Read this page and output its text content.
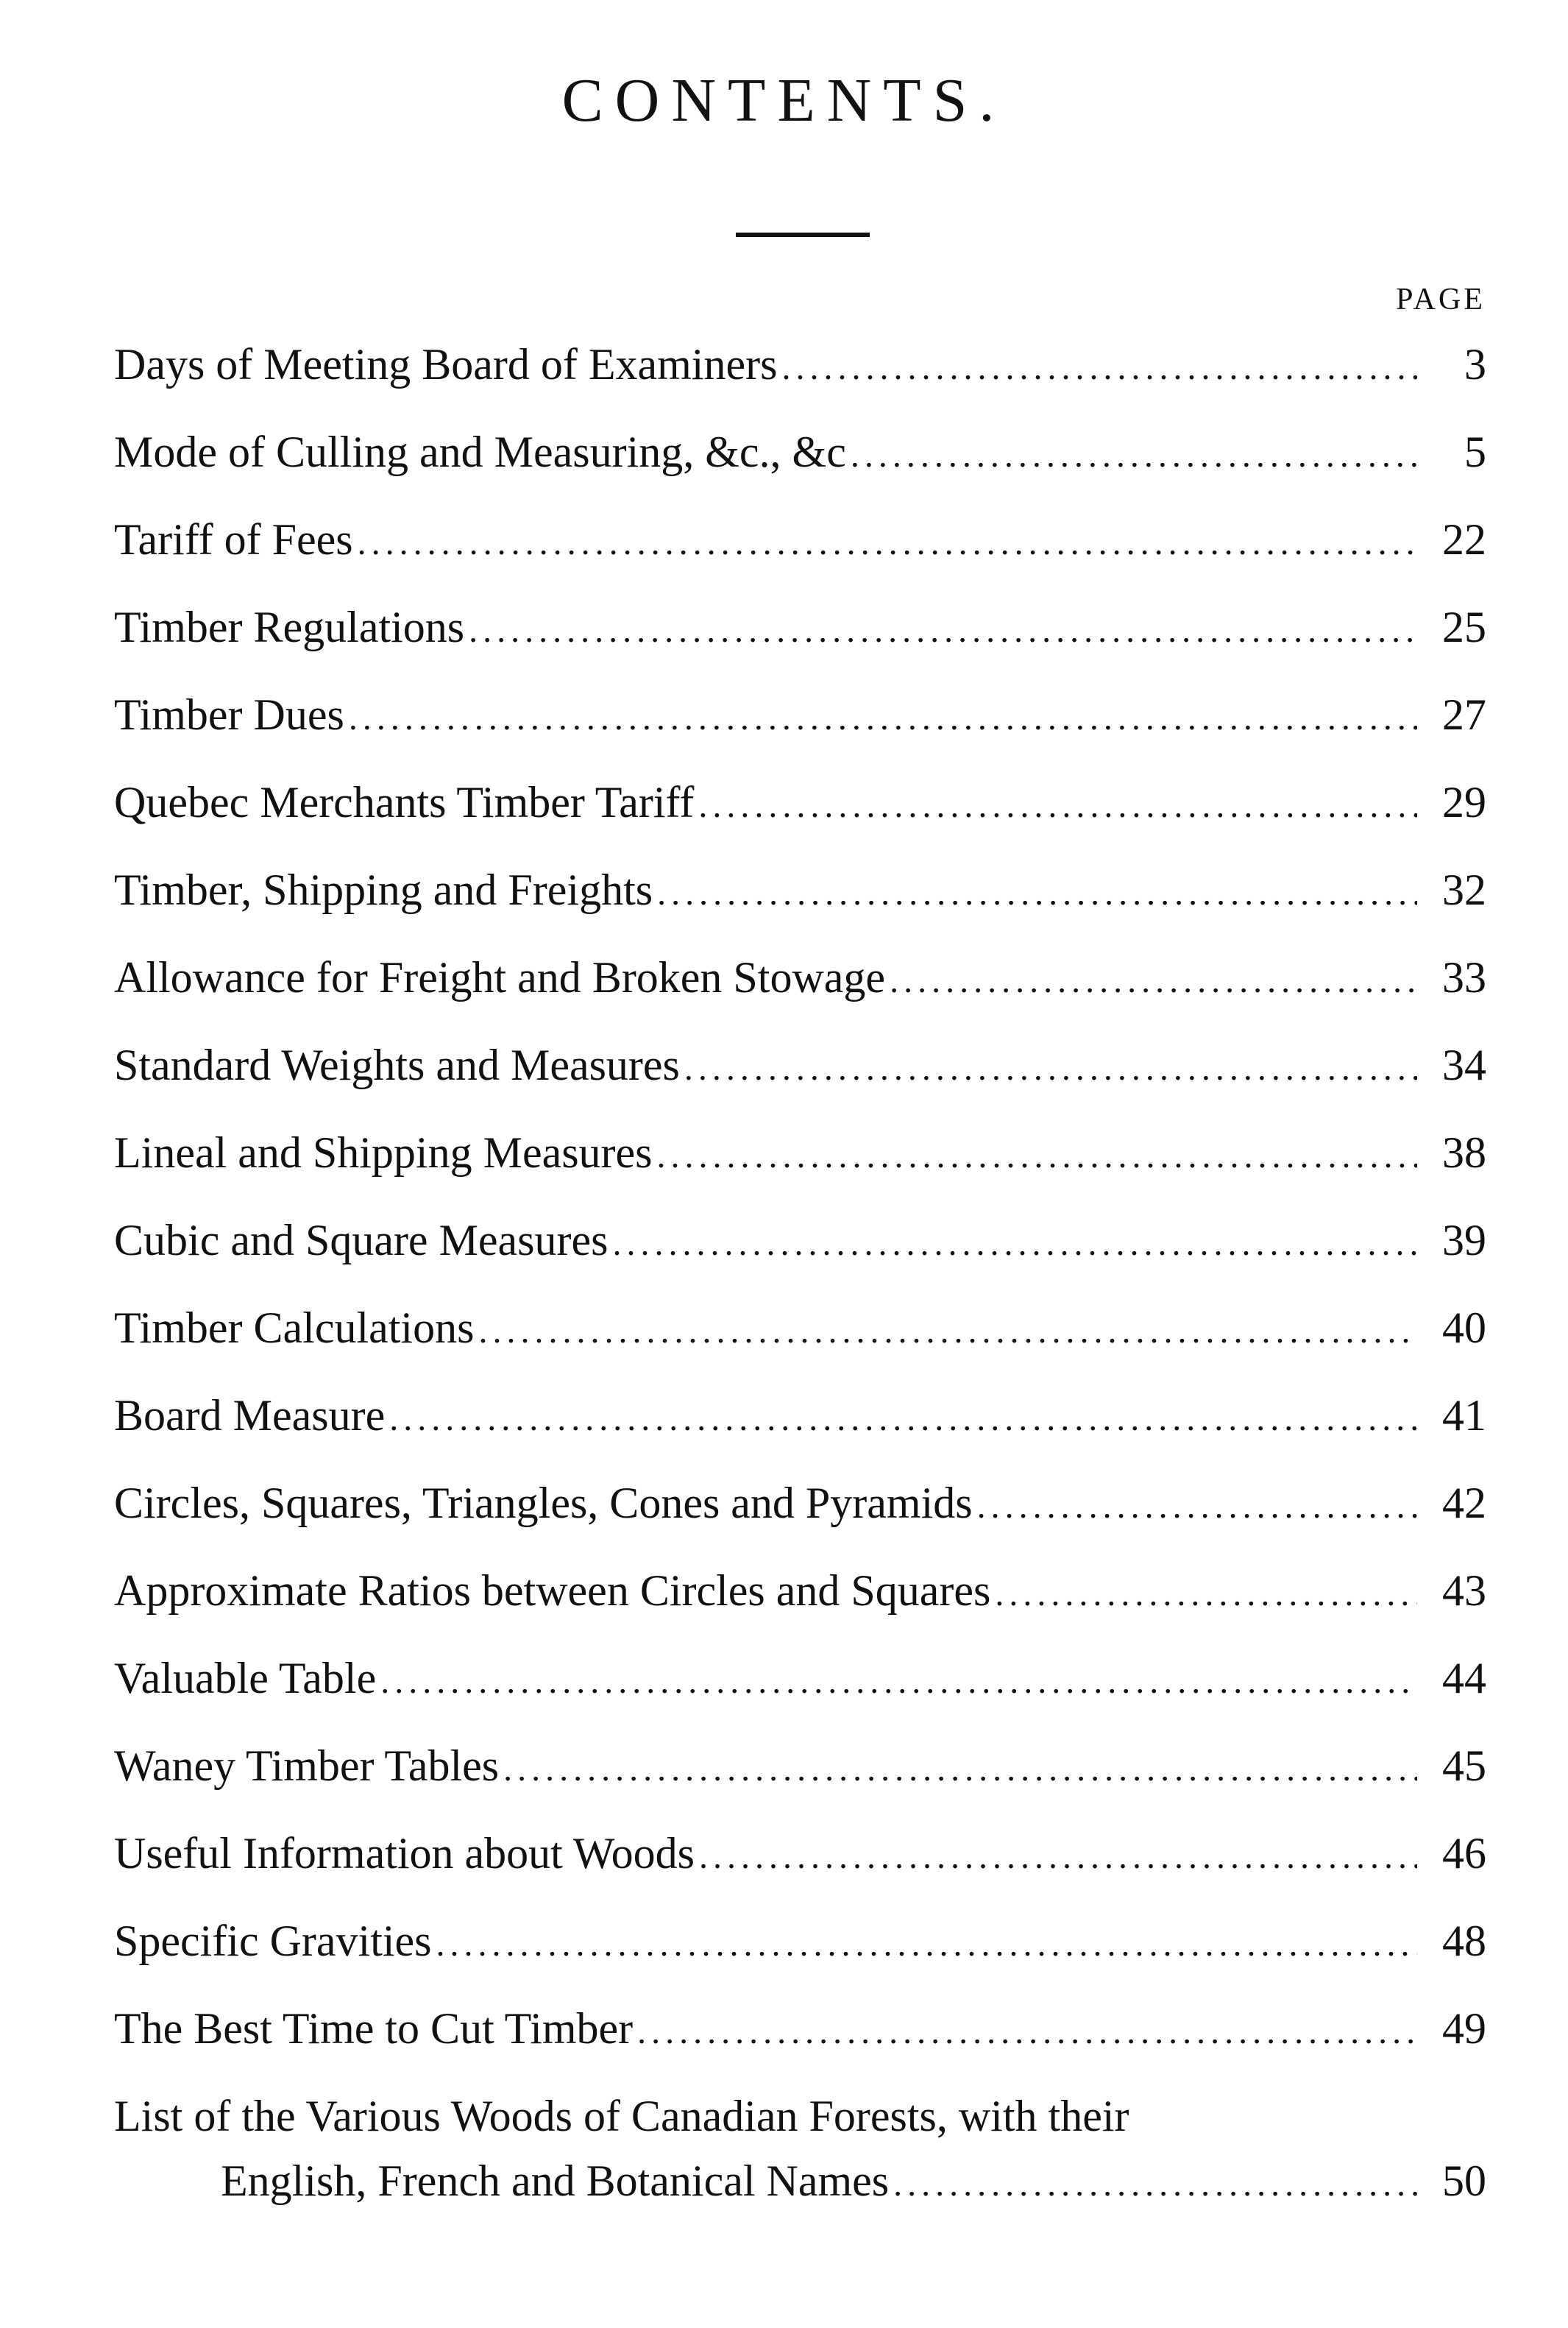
CONTENTS.
PAGE
Days of Meeting Board of Examiners .....	3
Mode of Culling and Measuring, &c., &c .....	5
Tariff of Fees .....	22
Timber Regulations .....	25
Timber Dues .....	27
Quebec Merchants Timber Tariff .....	29
Timber, Shipping and Freights .....	32
Allowance for Freight and Broken Stowage .....	33
Standard Weights and Measures .....	34
Lineal and Shipping Measures .....	38
Cubic and Square Measures .....	39
Timber Calculations .....	40
Board Measure .....	41
Circles, Squares, Triangles, Cones and Pyramids .....	42
Approximate Ratios between Circles and Squares .....	43
Valuable Table .....	44
Waney Timber Tables .....	45
Useful Information about Woods .....	46
Specific Gravities .....	48
The Best Time to Cut Timber .....	49
List of the Various Woods of Canadian Forests, with their
English, French and Botanical Names .....	50
